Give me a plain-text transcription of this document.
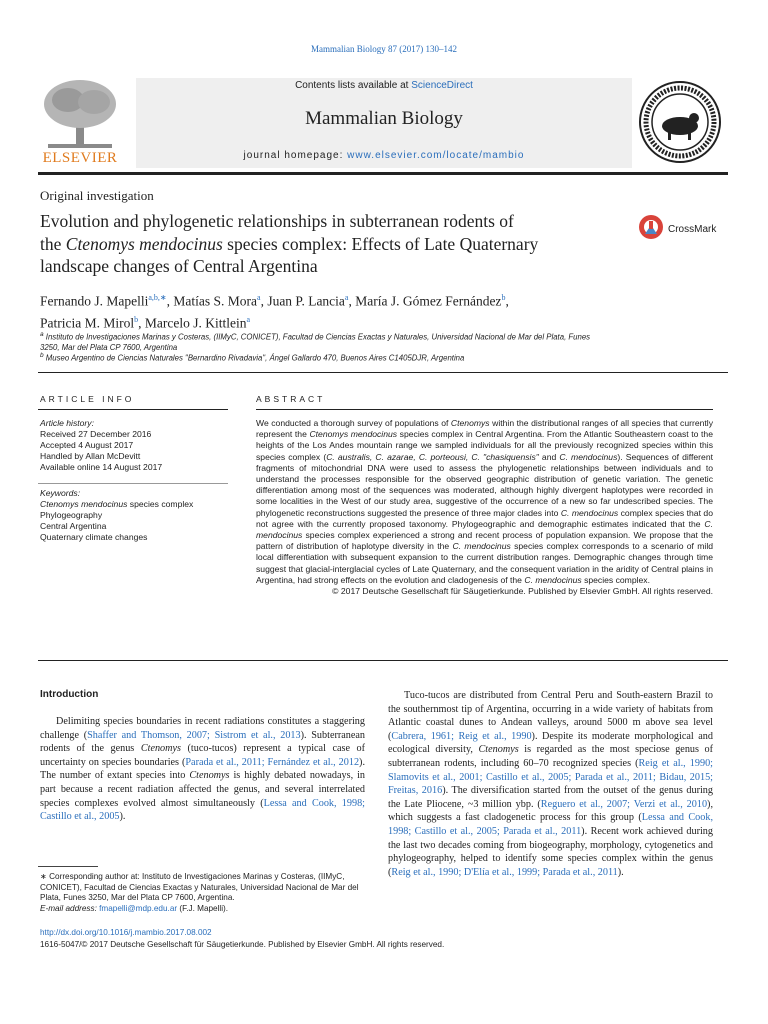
Mammalian Biology 87 (2017) 130–142
ELSEVIER
Contents lists available at ScienceDirect
Mammalian Biology
journal homepage: www.elsevier.com/locate/mambio
Original investigation
Evolution and phylogenetic relationships in subterranean rodents of
the Ctenomys mendocinus species complex: Effects of Late Quaternary
landscape changes of Central Argentina
CrossMark
Fernando J. Mapelli$^{a,b,∗}$, Matías S. Mora$^a$, Juan P. Lancia$^a$, María J. Gómez Fernández$^b$,
Patricia M. Mirol$^b$, Marcelo J. Kittlein$^a$
$^a$ Instituto de Investigaciones Marinas y Costeras, (IIMyC, CONICET), Facultad de Ciencias Exactas y Naturales, Universidad Nacional de Mar del Plata, Funes
3250, Mar del Plata CP 7600, Argentina
$^b$ Museo Argentino de Ciencias Naturales "Bernardino Rivadavia", Ángel Gallardo 470, Buenos Aires C1405DJR, Argentina
ARTICLE INFO
Article history:
Received 27 December 2016
Accepted 4 August 2017
Handled by Allan McDevitt
Available online 14 August 2017
Keywords:
Ctenomys mendocinus species complex
Phylogeography
Central Argentina
Quaternary climate changes
ABSTRACT

We conducted a thorough survey of populations of Ctenomys within the distributional ranges of all species that currently represent the Ctenomys mendocinus species complex in Central Argentina. From the Atlantic Southeastern coast to the heights of the Los Andes mountain range we sampled individuals for all the previously recognized species within this species complex (C. australis, C. azarae, C. porteousi, C. "chasiquensis" and C. mendocinus). Sequences of different fragments of mitochondrial DNA were used to assess the phylogenetic relationships between individuals and to understand the processes responsible for the observed geographic distribution of genetic variation. The genetic differentiation among most of the sequences was moderated, although highly divergent haplotypes were recorded in some localities in the West of our study area, suggestive of the occurrence of a new so far undescribed species. The phylogenetic reconstructions suggested the presence of three major clades into C. mendocinus complex species that do not agree with the currently proposed taxonomy. Phylogeographic and demographic estimates indicated that the C. mendocinus species complex experienced a strong and recent process of population expansion. We propose that the pattern of distribution of haplotype diversity in the C. mendocinus species complex corresponds to a scenario of mild local differentiation with subsequent expansion to the current distribution ranges. Demographic changes through time suggest that glacial-interglacial cycles of Late Quaternary, and the consequent variation in the aridity of Central plains in Argentina, had strong effects on the evolution and cladogenesis of the C. mendocinus species complex.

© 2017 Deutsche Gesellschaft für Säugetierkunde. Published by Elsevier GmbH. All rights reserved.

Introduction

Delimiting species boundaries in recent radiations constitutes a staggering challenge (Shaffer and Thomson, 2007; Sistrom et al., 2013). Subterranean rodents of the genus Ctenomys (tuco-tucos) represent a typical case of uncertainty on species boundaries (Parada et al., 2011; Fernández et al., 2012). The number of extant species into Ctenomys is highly debated nowadays, in part because a recent radiation affected the genus, and several interrelated species complexes evolved almost simultaneously (Lessa and Cook, 1998; Castillo et al., 2005).

Tuco-tucos are distributed from Central Peru and South-eastern Brazil to the southernmost tip of Argentina, occurring in a wide variety of habitats from Atlantic coastal dunes to Andean valleys, around 5000 m above sea level (Cabrera, 1961; Reig et al., 1990). Despite its moderate morphological and ecological diversity, Ctenomys is regarded as the most speciose genus of subterranean rodents, including 60–70 recognized species (Reig et al., 1990; Slamovits et al., 2001; Castillo et al., 2005; Parada et al., 2011; Bidau, 2015; Freitas, 2016). The diversification started from the outset of the genus during the Late Pliocene, ~3 million ybp. (Reguero et al., 2007; Verzi et al., 2010), which suggests a fast cladogenetic process for this group (Lessa and Cook, 1998; Castillo et al., 2005; Parada et al., 2011). Recent work achieved during the last two decades coming from biogeography, morphology, cytogenetics and phylogeography, helped to identify some species complex within the genus (Reig et al., 1990; D'Elía et al., 1999; Parada et al., 2011).

∗ Corresponding author at: Instituto de Investigaciones Marinas y Costeras, (IIMyC, CONICET), Facultad de Ciencias Exactas y Naturales, Universidad Nacional de Mar del Plata, Funes 3250, Mar del Plata CP 7600, Argentina.
E-mail address: fmapelli@mdp.edu.ar (F.J. Mapelli).
http://dx.doi.org/10.1016/j.mambio.2017.08.002
1616-5047/© 2017 Deutsche Gesellschaft für Säugetierkunde. Published by Elsevier GmbH. All rights reserved.
